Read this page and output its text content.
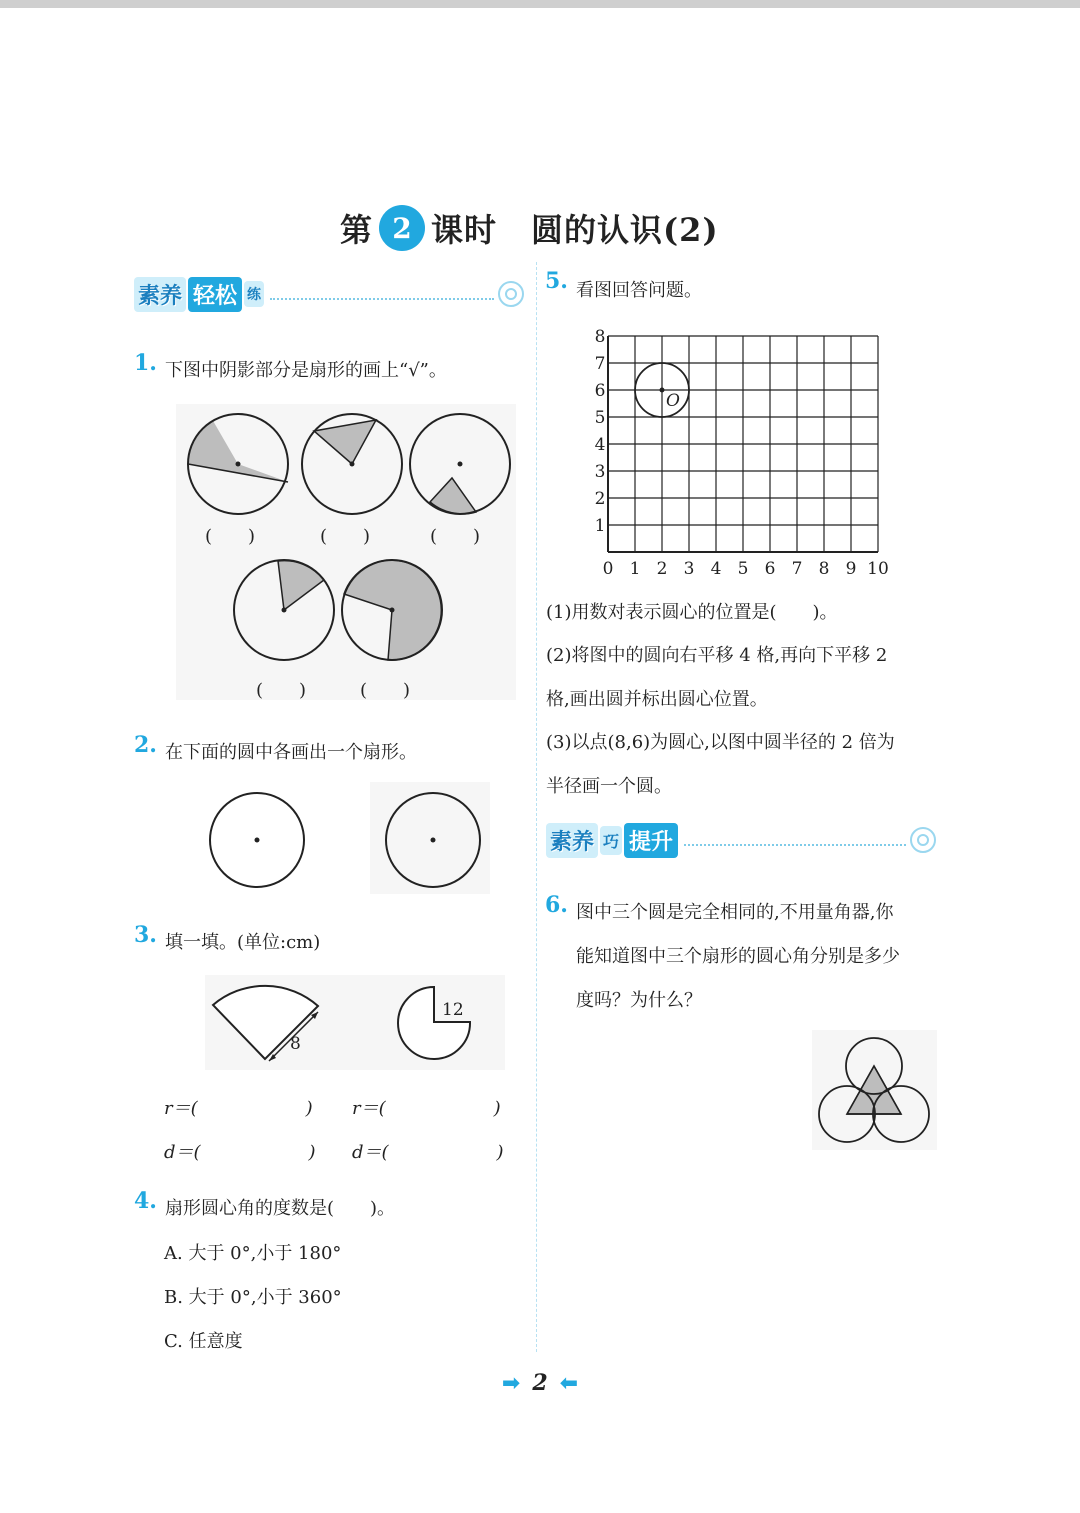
第 2 课时 圆的认识(2)
素养 轻松 练
1. 下图中阴影部分是扇形的画上“√”。
(　　)	(　　)	(　　)
(　　)	(　　)
2. 在下面的圆中各画出一个扇形。
3. 填一填。(单位:cm)
8
12
r＝(　　　　　　)
d＝(　　　　　　)
r＝(　　　　　　)
d＝(　　　　　　)
4. 扇形圆心角的度数是(　　)。
A. 大于 0°,小于 180°
B. 大于 0°,小于 360°
C. 任意度
5. 看图回答问题。
0 1 2 3 4 5 6 7 8 9 10
1
2
3
4
5
6
7
8
O
(1)用数对表示圆心的位置是(　　)。
(2)将图中的圆向右平移 4 格,再向下平移 2
格,画出圆并标出圆心位置。
(3)以点(8,6)为圆心,以图中圆半径的 2 倍为
半径画一个圆。
素养 巧 提升
6. 图中三个圆是完全相同的,不用量角器,你
能知道图中三个扇形的圆心角分别是多少
度吗？为什么？
➡ 2 ⬅
